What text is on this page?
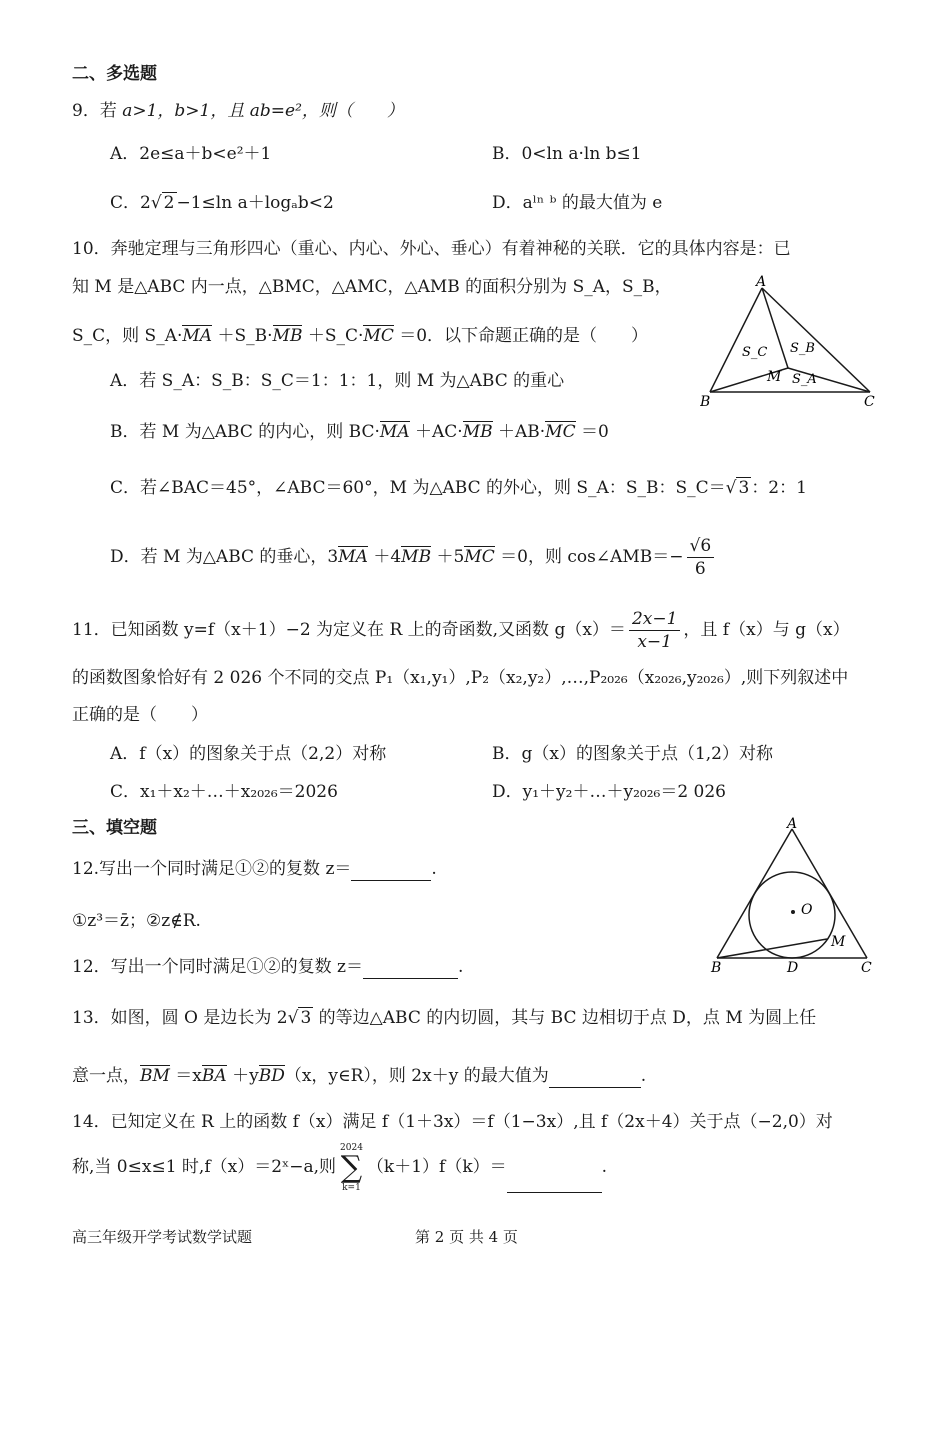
二、多选题
9．若 a>1，b>1，且 ab=e²，则（　　）
A．2e≤a＋b<e²＋1	B．0<ln a·ln b≤1
C．2√ 2 −1≤ln a＋logₐb<2	D．aˡⁿ ᵇ 的最大值为 e
10．奔驰定理与三角形四心（重心、内心、外心、垂心）有着神秘的关联．它的具体内容是：已
知 M 是△ABC 内一点，△BMC，△AMC，△AMB 的面积分别为 S_A，S_B，
S_C，则 S_A·MA ＋S_B·MB ＋S_C·MC ＝0．以下命题正确的是（　　）
A．若 S_A：S_B：S_C＝1：1：1，则 M 为△ABC 的重心
B．若 M 为△ABC 的内心，则 BC·MA ＋AC·MB ＋AB·MC ＝0
C．若∠BAC＝45°，∠ABC＝60°，M 为△ABC 的外心，则 S_A：S_B：S_C＝√ 3 ：2：1
D．若 M 为△ABC 的垂心，3MA ＋4MB ＋5MC ＝0，则 cos∠AMB＝− $\frac{√6}{6}$
A
B	C
M
S_C S_B
S_A
11．已知函数 y=f（x＋1）−2 为定义在 R 上的奇函数,又函数 $g(x)= \frac{2x-1}{x-1}$ ，且 f（x）与 g（x）
的函数图象恰好有 2 026 个不同的交点 P₁（x₁,y₁）,P₂（x₂,y₂）,…,P₂₀₂₆（x₂₀₂₆,y₂₀₂₆）,则下列叙述中
正确的是（　　）
A．f（x）的图象关于点（2,2）对称	B．g（x）的图象关于点（1,2）对称
C．x₁＋x₂＋…＋x₂₀₂₆＝2026	D．y₁＋y₂＋…＋y₂₀₂₆＝2 026
三、填空题
12.写出一个同时满足①②的复数 z＝	.
①z³＝z̄；②z∉R.
12．写出一个同时满足①②的复数 z＝	.
A
B	C
D
M
O
13．如图，圆 O 是边长为 2√ 3 的等边△ABC 的内切圆，其与 BC 边相切于点 D，点 M 为圆上任
意一点，BM ＝xBA ＋yBD（x，y∈R），则 2x＋y 的最大值为	.
14．已知定义在 R 上的函数 f（x）满足 f（1＋3x）＝f（1−3x）,且 f（2x＋4）关于点（−2,0）对
称,当 0≤x≤1 时,f（x）＝2ˣ−a,则
2024
∑
k=1
（k＋1）f（k）＝	.
高三年级开学考试数学试题	第 2 页 共 4 页
